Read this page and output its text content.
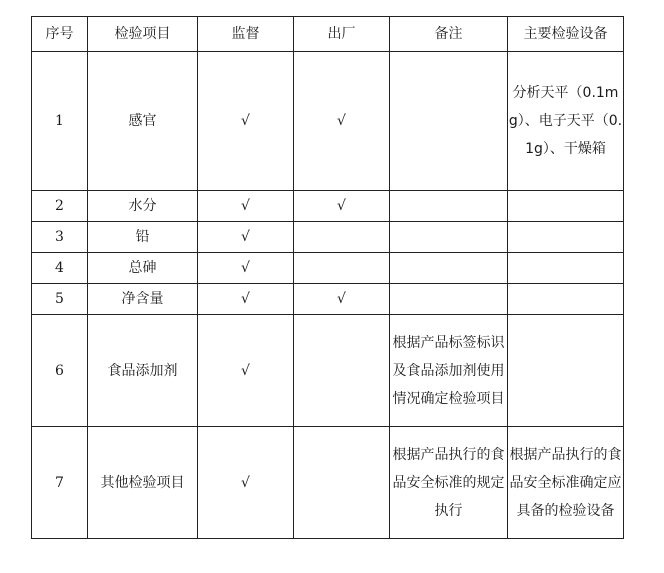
序号	检验项目	监督	出厂	备注	主要检验设备
1	感官	√	√		分析天平（0.1mg）、电子天平（0.1g）、干燥箱
2	水分	√	√		
3	铅	√			
4	总砷	√			
5	净含量	√	√		
6	食品添加剂	√		根据产品标签标识及食品添加剂使用情况确定检验项目	
7	其他检验项目	√		根据产品执行的食品安全标准的规定执行	根据产品执行的食品安全标准确定应具备的检验设备
